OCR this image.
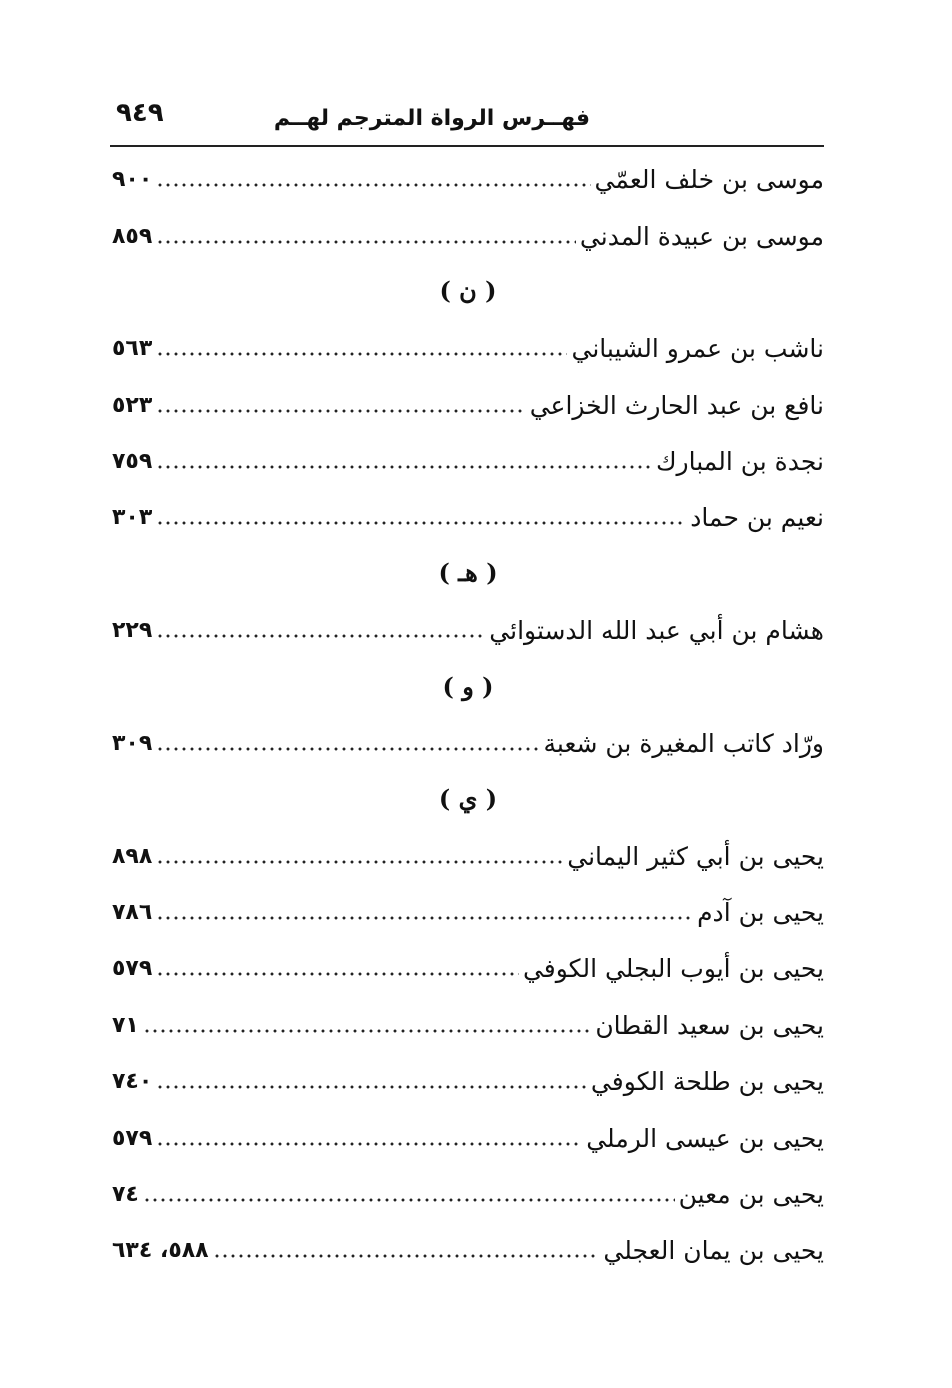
فهــرس الرواة المترجم لهــم
٩٤٩
موسى بن خلف العمّي
٩٠٠
موسى بن عبيدة المدني
٨٥٩
( ن )
ناشب بن عمرو الشيباني
٥٦٣
نافع بن عبد الحارث الخزاعي
٥٢٣
نجدة بن المبارك
٧٥٩
نعيم بن حماد
٣٠٣
( هـ )
هشام بن أبي عبد الله الدستوائي
٢٢٩
( و )
ورّاد كاتب المغيرة بن شعبة
٣٠٩
( ي )
يحيى بن أبي كثير اليماني
٨٩٨
يحيى بن آدم
٧٨٦
يحيى بن أيوب البجلي الكوفي
٥٧٩
يحيى بن سعيد القطان
٧١
يحيى بن طلحة الكوفي
٧٤٠
يحيى بن عيسى الرملي
٥٧٩
يحيى بن معين
٧٤
يحيى بن يمان العجلي
٥٨٨، ٦٣٤
